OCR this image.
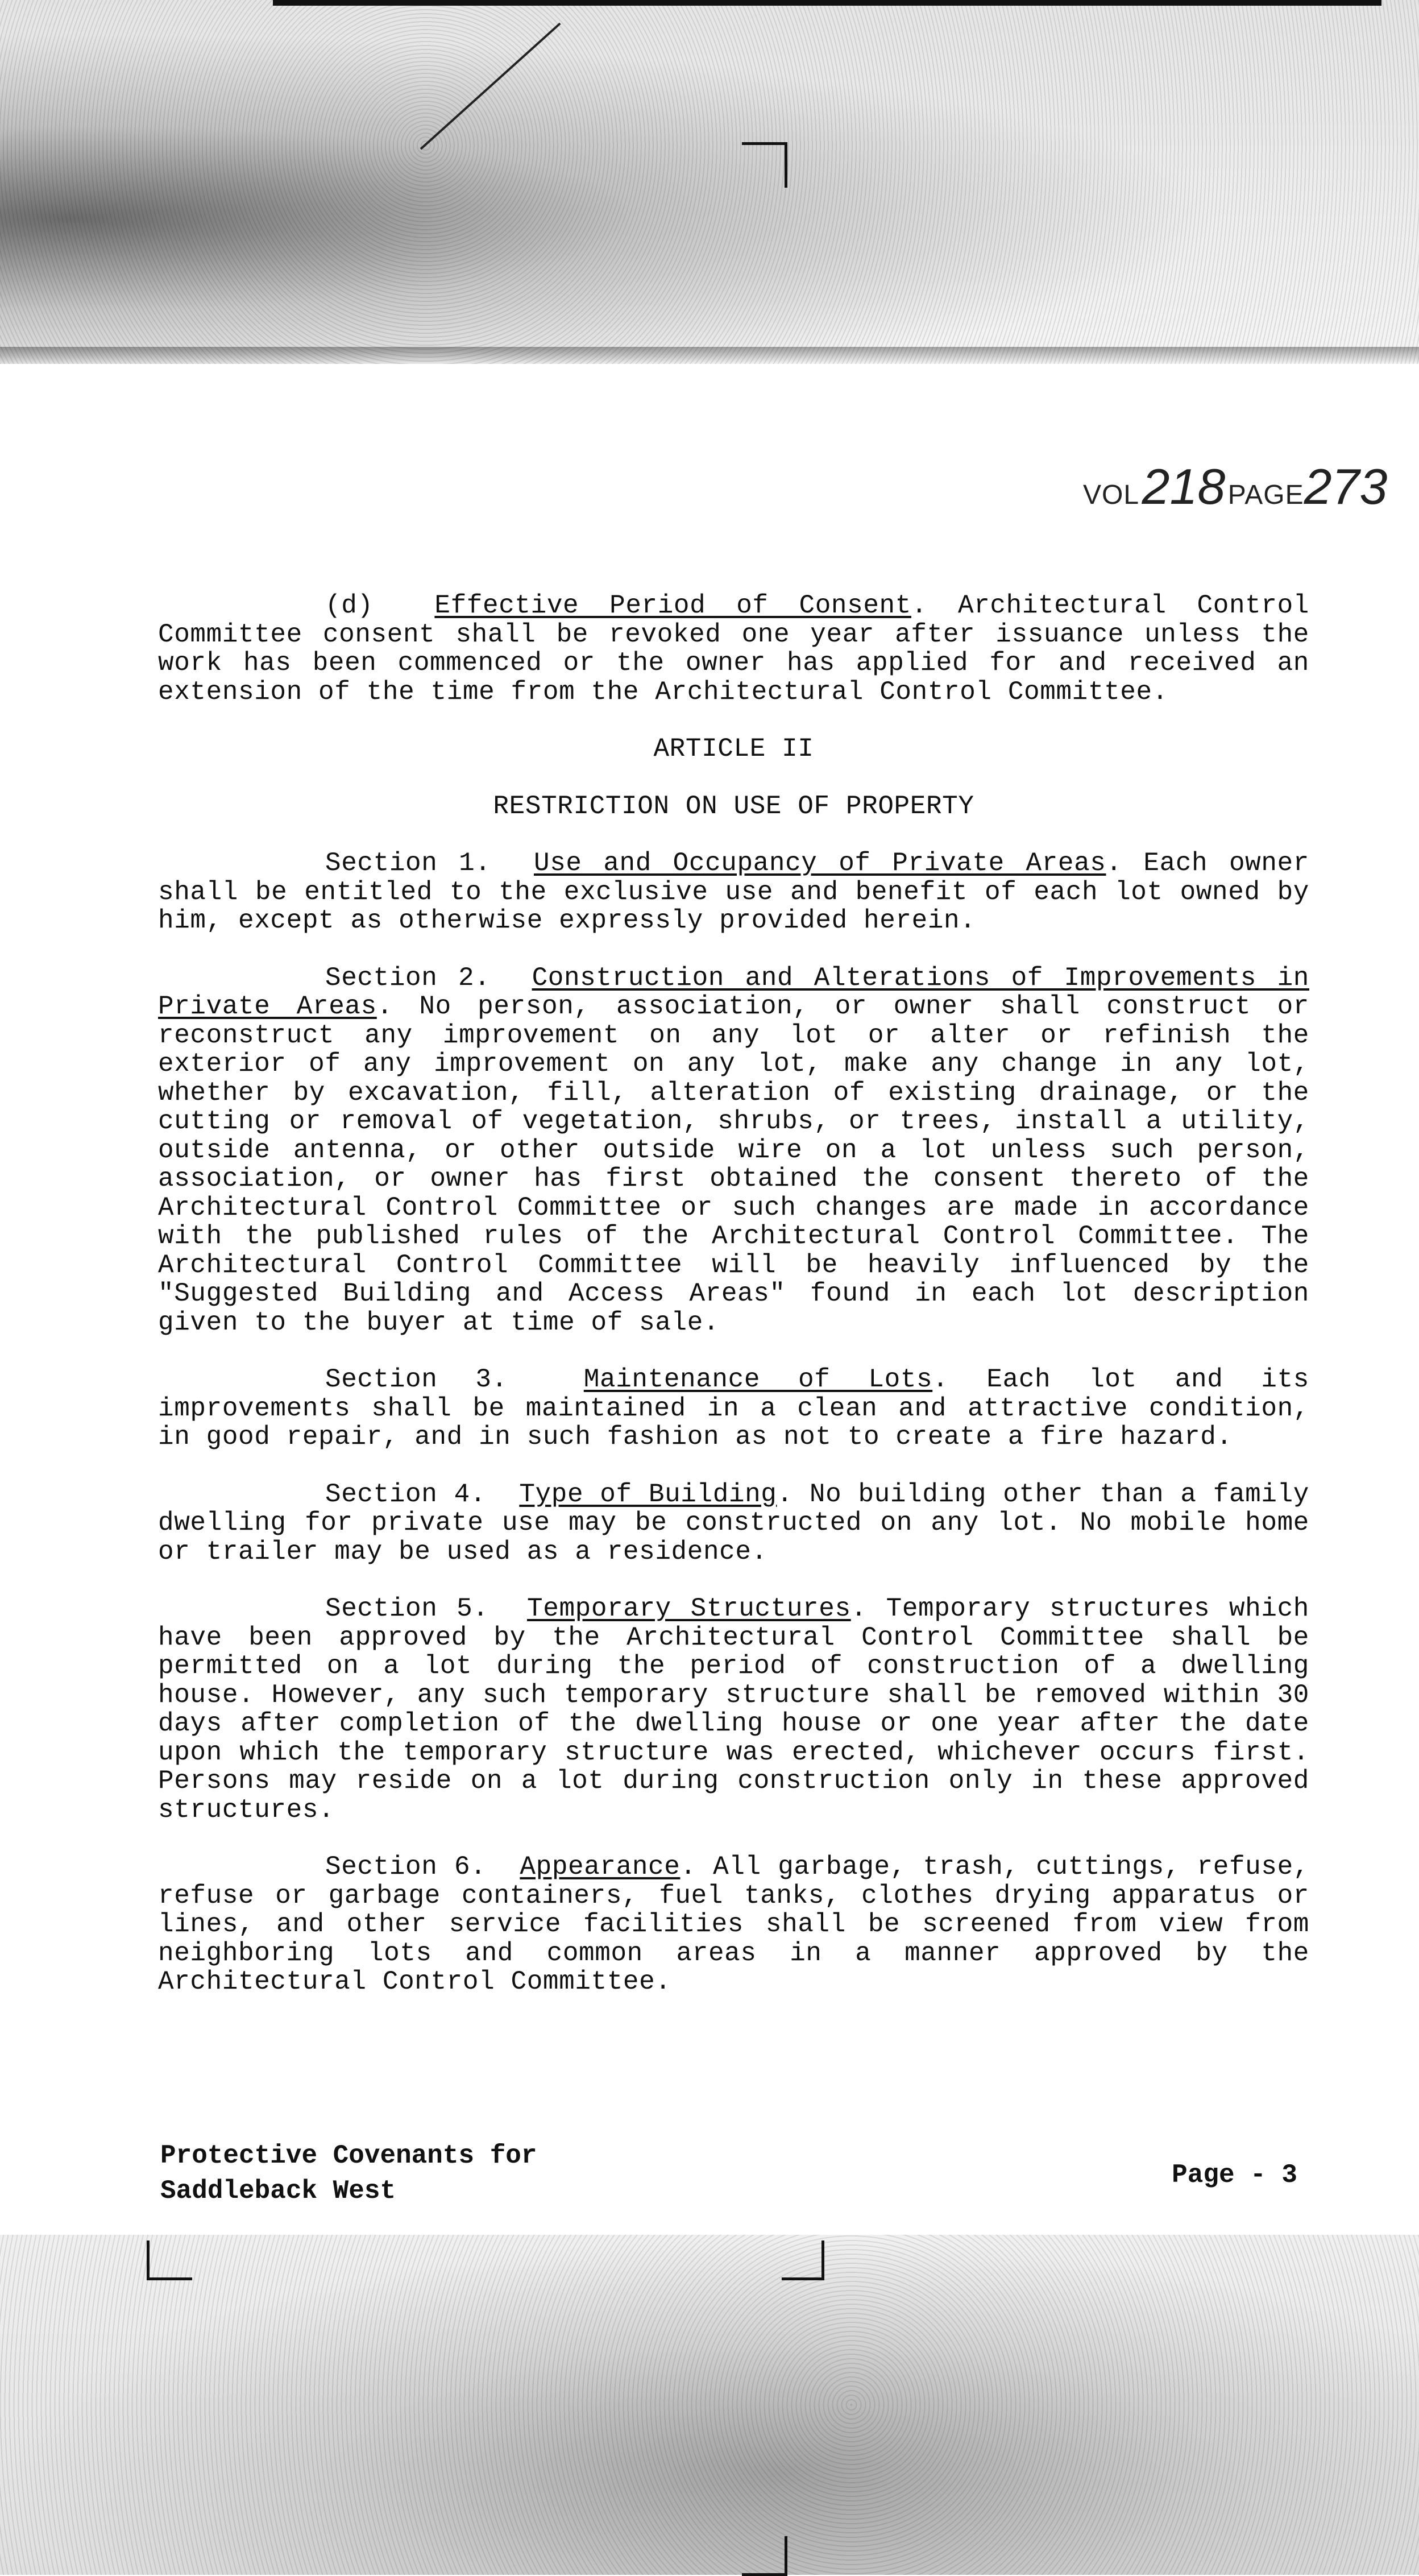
VOL 218 PAGE273

(d) Effective Period of Consent. Architectural Control Committee consent shall be revoked one year after issuance unless the work has been commenced or the owner has applied for and received an extension of the time from the Architectural Control Committee.

ARTICLE II

RESTRICTION ON USE OF PROPERTY

Section 1. Use and Occupancy of Private Areas. Each owner shall be entitled to the exclusive use and benefit of each lot owned by him, except as otherwise expressly provided herein.

Section 2. Construction and Alterations of Improvements in Private Areas. No person, association, or owner shall construct or reconstruct any improvement on any lot or alter or refinish the exterior of any improvement on any lot, make any change in any lot, whether by excavation, fill, alteration of existing drainage, or the cutting or removal of vegetation, shrubs, or trees, install a utility, outside antenna, or other outside wire on a lot unless such person, association, or owner has first obtained the consent thereto of the Architectural Control Committee or such changes are made in accordance with the published rules of the Architectural Control Committee. The Architectural Control Committee will be heavily influenced by the "Suggested Building and Access Areas" found in each lot description given to the buyer at time of sale.

Section 3.	Maintenance of Lots. Each lot and its improvements shall be maintained in a clean and attractive condition, in good repair, and in such fashion as not to create a fire hazard.

Section 4. Type of Building. No building other than a family dwelling for private use may be constructed on any lot. No mobile home or trailer may be used as a residence.

Section 5. Temporary Structures. Temporary structures which have been approved by the Architectural Control Committee shall be permitted on a lot during the period of construction of a dwelling house. However, any such temporary structure shall be removed within 30 days after completion of the dwelling house or one year after the date upon which the temporary structure was erected, whichever occurs first. Persons may reside on a lot during construction only in these approved structures.

Section 6. Appearance. All garbage, trash, cuttings, refuse, refuse or garbage containers, fuel tanks, clothes drying apparatus or lines, and other service facilities shall be screened from view from neighboring lots and common areas in a manner approved by the Architectural Control Committee.

Protective Covenants for
Saddleback West
Page - 3
